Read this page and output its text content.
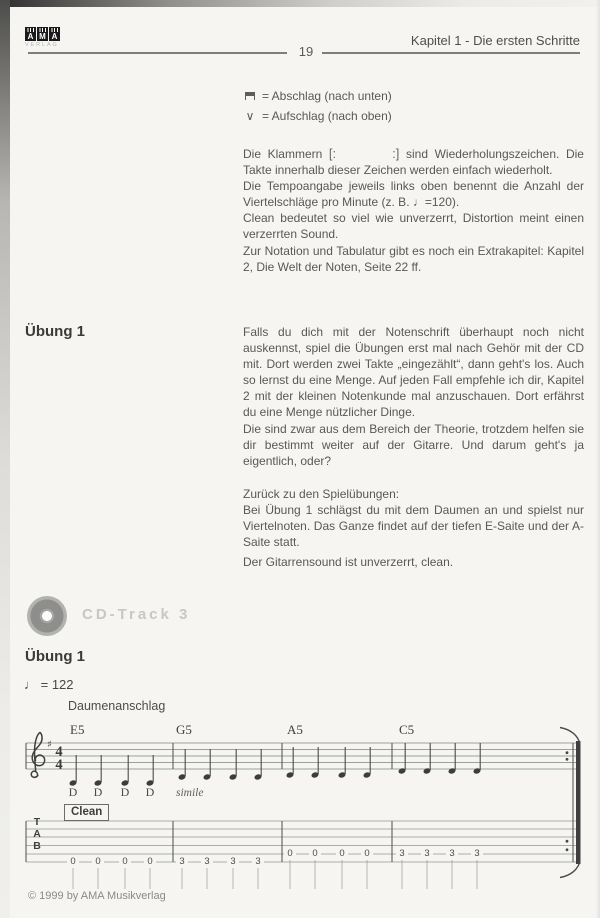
A M A
VERLAG	Kapitel 1 - Die ersten Schritte
19
= Abschlag (nach unten)
∨ = Aufschlag (nach oben)

Die Klammern [:	:] sind Wiederholungszeichen. Die Takte innerhalb dieser Zeichen werden einfach wiederholt.

Die Tempoangabe jeweils links oben benennt die Anzahl der Viertelschläge pro Minute (z. B. ♩=120).

Clean bedeutet so viel wie unverzerrt, Distortion meint einen verzerrten Sound.

Zur Notation und Tabulatur gibt es noch ein Extrakapitel: Kapitel 2, Die Welt der Noten, Seite 22 ff.

Übung 1	Falls du dich mit der Notenschrift überhaupt noch nicht auskennst, spiel die Übungen erst mal nach Gehör mit der CD mit. Dort werden zwei Takte „eingezählt“, dann geht's los. Auch so lernst du eine Menge. Auf jeden Fall empfehle ich dir, Kapitel 2 mit der kleinen Notenkunde mal anzuschauen. Dort erfährst du eine Menge nützlicher Dinge.

Die sind zwar aus dem Bereich der Theorie, trotzdem helfen sie dir bestimmt weiter auf der Gitarre. Und darum geht's ja eigentlich, oder?

Zurück zu den Spielübungen:

Bei Übung 1 schlägst du mit dem Daumen an und spielst nur Viertelnoten. Das Ganze findet auf der tiefen E-Saite und der A-Saite statt.

Der Gitarrensound ist unverzerrt, clean.

CD-Track 3
Übung 1
♩ = 122
Daumenanschlag
♯ 4
4
E5	G5	A5	C5
D D D D simile
Clean
T
A
B
0	0	0	0	3	3	3	3
0	0	0	0	3	3	3	3
© 1999 by AMA Musikverlag
